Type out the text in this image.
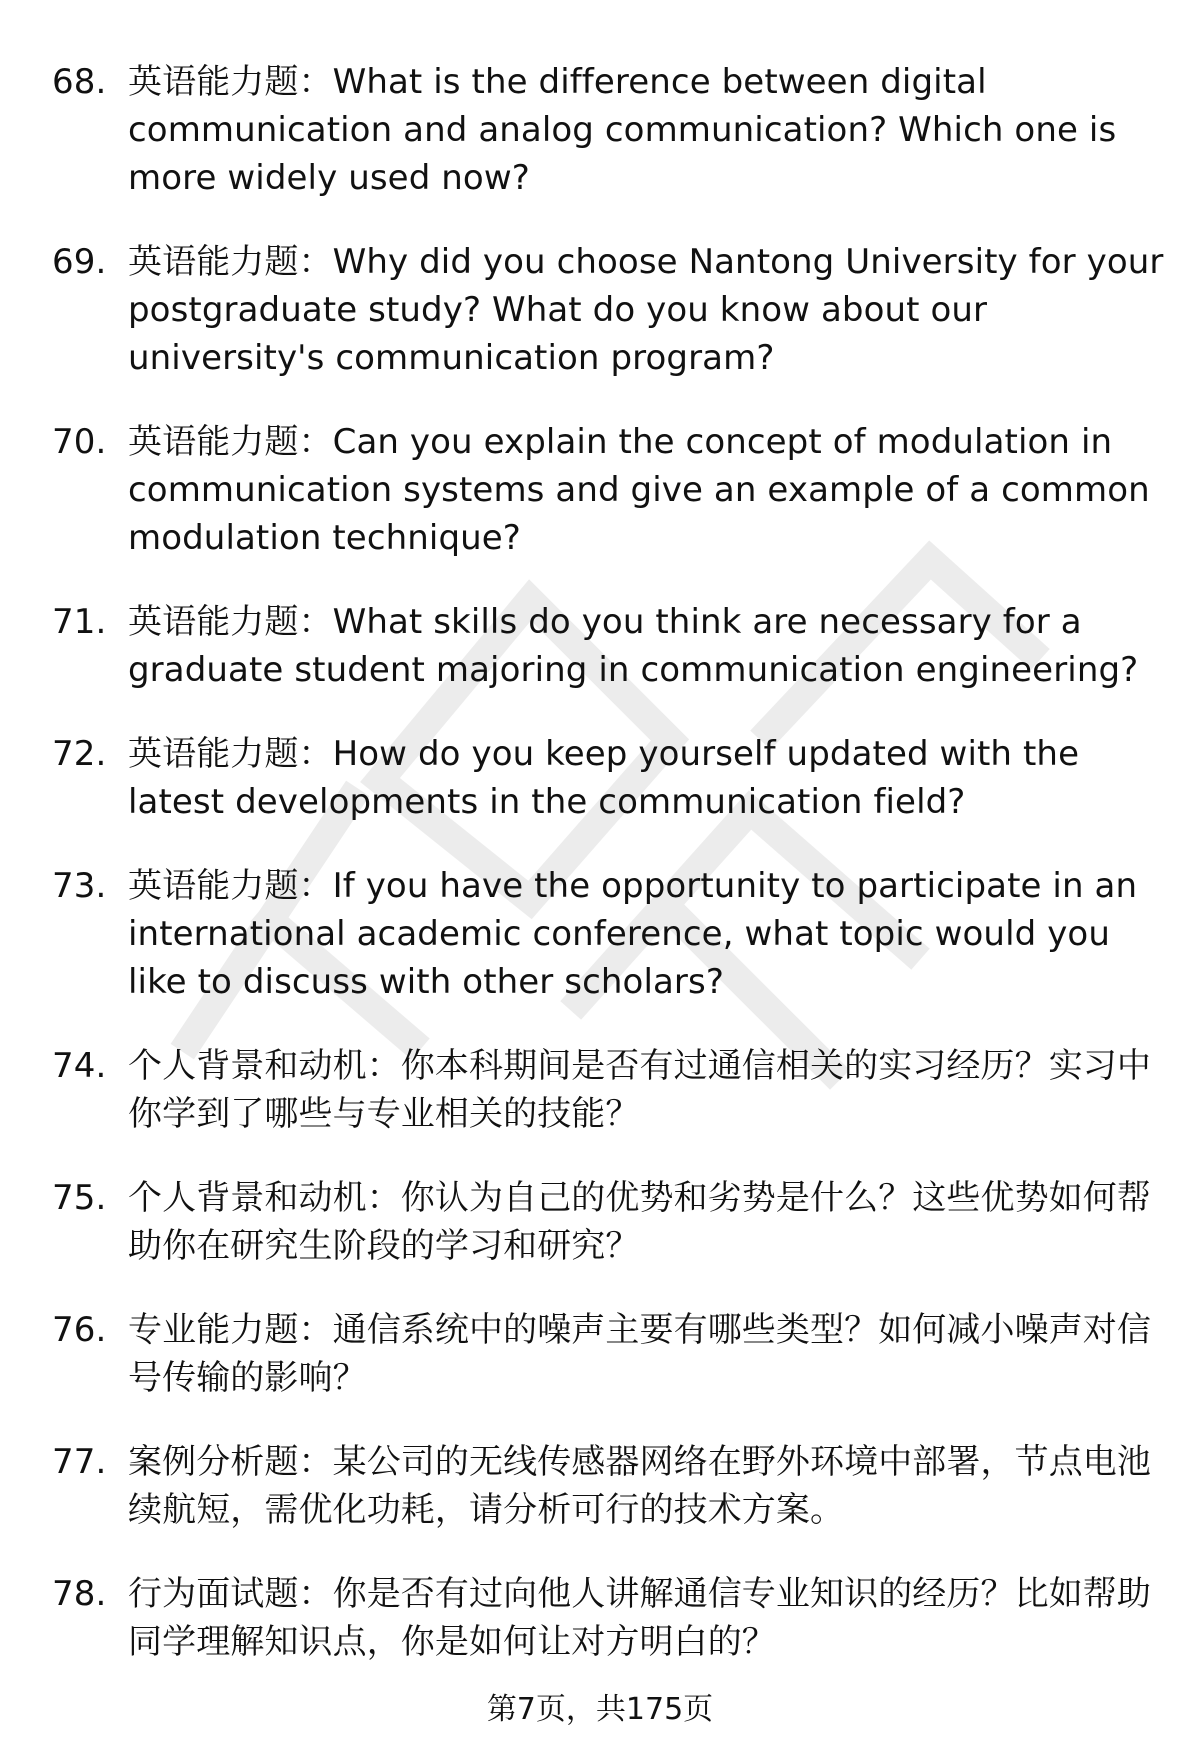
68. 英语能力题：What is the difference between digital communication and analog communication? Which one is more widely used now?
69. 英语能力题：Why did you choose Nantong University for your postgraduate study? What do you know about our university's communication program?
70. 英语能力题：Can you explain the concept of modulation in communication systems and give an example of a common modulation technique?
71. 英语能力题：What skills do you think are necessary for a graduate student majoring in communication engineering?
72. 英语能力题：How do you keep yourself updated with the latest developments in the communication field?
73. 英语能力题：If you have the opportunity to participate in an international academic conference, what topic would you like to discuss with other scholars?
74. 个人背景和动机：你本科期间是否有过通信相关的实习经历？实习中你学到了哪些与专业相关的技能？
75. 个人背景和动机：你认为自己的优势和劣势是什么？这些优势如何帮助你在研究生阶段的学习和研究？
76. 专业能力题：通信系统中的噪声主要有哪些类型？如何减小噪声对信号传输的影响？
77. 案例分析题：某公司的无线传感器网络在野外环境中部署，节点电池续航短，需优化功耗，请分析可行的技术方案。
78. 行为面试题：你是否有过向他人讲解通信专业知识的经历？比如帮助同学理解知识点，你是如何让对方明白的？
第7页，共175页
